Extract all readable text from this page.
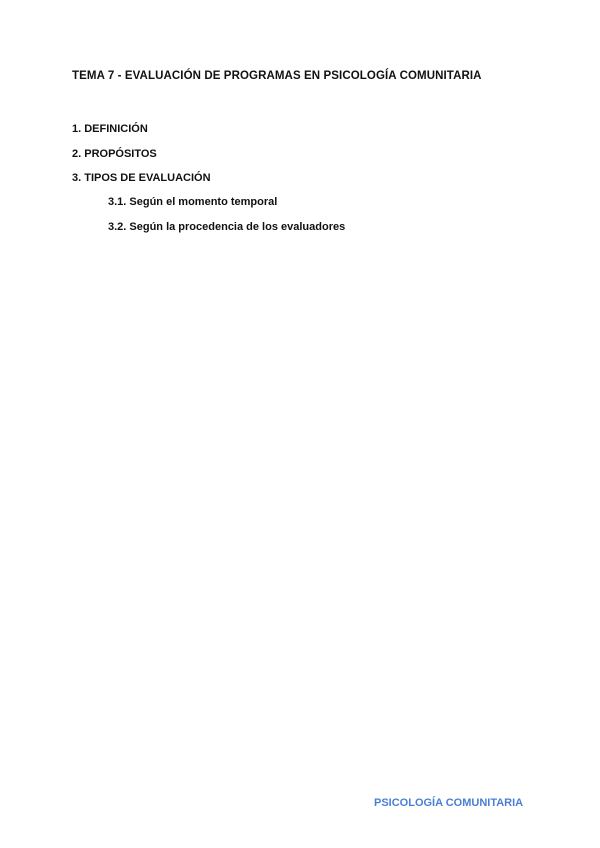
TEMA 7 - EVALUACIÓN DE PROGRAMAS EN PSICOLOGÍA COMUNITARIA
1. DEFINICIÓN
2. PROPÓSITOS
3. TIPOS DE EVALUACIÓN
3.1. Según el momento temporal
3.2. Según la procedencia de los evaluadores
PSICOLOGÍA COMUNITARIA
